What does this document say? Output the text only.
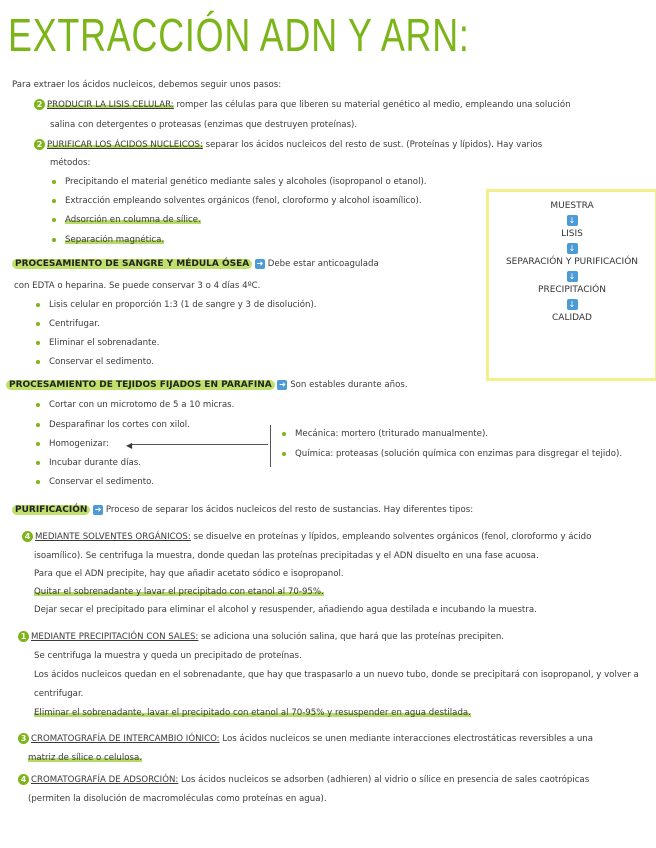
EXTRACCIÓN ADN Y ARN:
Para extraer los ácidos nucleicos, debemos seguir unos pasos:
2 PRODUCIR LA LISIS CELULAR: romper las células para que liberen su material genético al medio, empleando una solución
salina con detergentes o proteasas (enzimas que destruyen proteínas).
2 PURIFICAR LOS ÁCIDOS NUCLEICOS: separar los ácidos nucleicos del resto de sust. (Proteínas y lípidos). Hay varios
métodos:
Precipitando el material genético mediante sales y alcoholes (isopropanol o etanol).
Extracción empleando solventes orgánicos (fenol, cloroformo y alcohol isoamílico).
Adsorción en columna de sílice.
Separación magnética.
MUESTRA
↓
LISIS
↓
SEPARACIÓN Y PURIFICACIÓN
↓
PRECIPITACIÓN
↓
CALIDAD
PROCESAMIENTO DE SANGRE Y MÉDULA ÓSEA ➜ Debe estar anticoagulada
con EDTA o heparina. Se puede conservar 3 o 4 días 4ºC.
Lisis celular en proporción 1:3 (1 de sangre y 3 de disolución).
Centrifugar.
Eliminar el sobrenadante.
Conservar el sedimento.
PROCESAMIENTO DE TEJIDOS FIJADOS EN PARAFINA ➜ Son estables durante años.
Cortar con un microtomo de 5 a 10 micras.
Desparafinar los cortes con xilol.
Homogenizar:
Incubar durante días.
Conservar el sedimento.
◀
Mecánica: mortero (triturado manualmente).
Química: proteasas (solución química con enzimas para disgregar el tejido).
PURIFICACIÓN ➜ Proceso de separar los ácidos nucleicos del resto de sustancias. Hay diferentes tipos:
4 MEDIANTE SOLVENTES ORGÁNICOS: se disuelve en proteínas y lípidos, empleando solventes orgánicos (fenol, cloroformo y ácido
isoamílico). Se centrifuga la muestra, donde quedan las proteínas precipitadas y el ADN disuelto en una fase acuosa.
Para que el ADN precipite, hay que añadir acetato sódico e isopropanol.
Quitar el sobrenadante y lavar el precipitado con etanol al 70-95%.
Dejar secar el precipitado para eliminar el alcohol y resuspender, añadiendo agua destilada e incubando la muestra.
1 MEDIANTE PRECIPITACIÓN CON SALES: se adiciona una solución salina, que hará que las proteínas precipiten.
Se centrifuga la muestra y queda un precipitado de proteínas.
Los ácidos nucleicos quedan en el sobrenadante, que hay que traspasarlo a un nuevo tubo, donde se precipitará con isopropanol, y volver a
centrifugar.
Eliminar el sobrenadante, lavar el precipitado con etanol al 70-95% y resuspender en agua destilada.
3 CROMATOGRAFÍA DE INTERCAMBIO IÓNICO: Los ácidos nucleicos se unen mediante interacciones electrostáticas reversibles a una
matriz de sílice o celulosa.
4 CROMATOGRAFÍA DE ADSORCIÓN: Los ácidos nucleicos se adsorben (adhieren) al vidrio o sílice en presencia de sales caotrópicas
(permiten la disolución de macromoléculas como proteínas en agua).
